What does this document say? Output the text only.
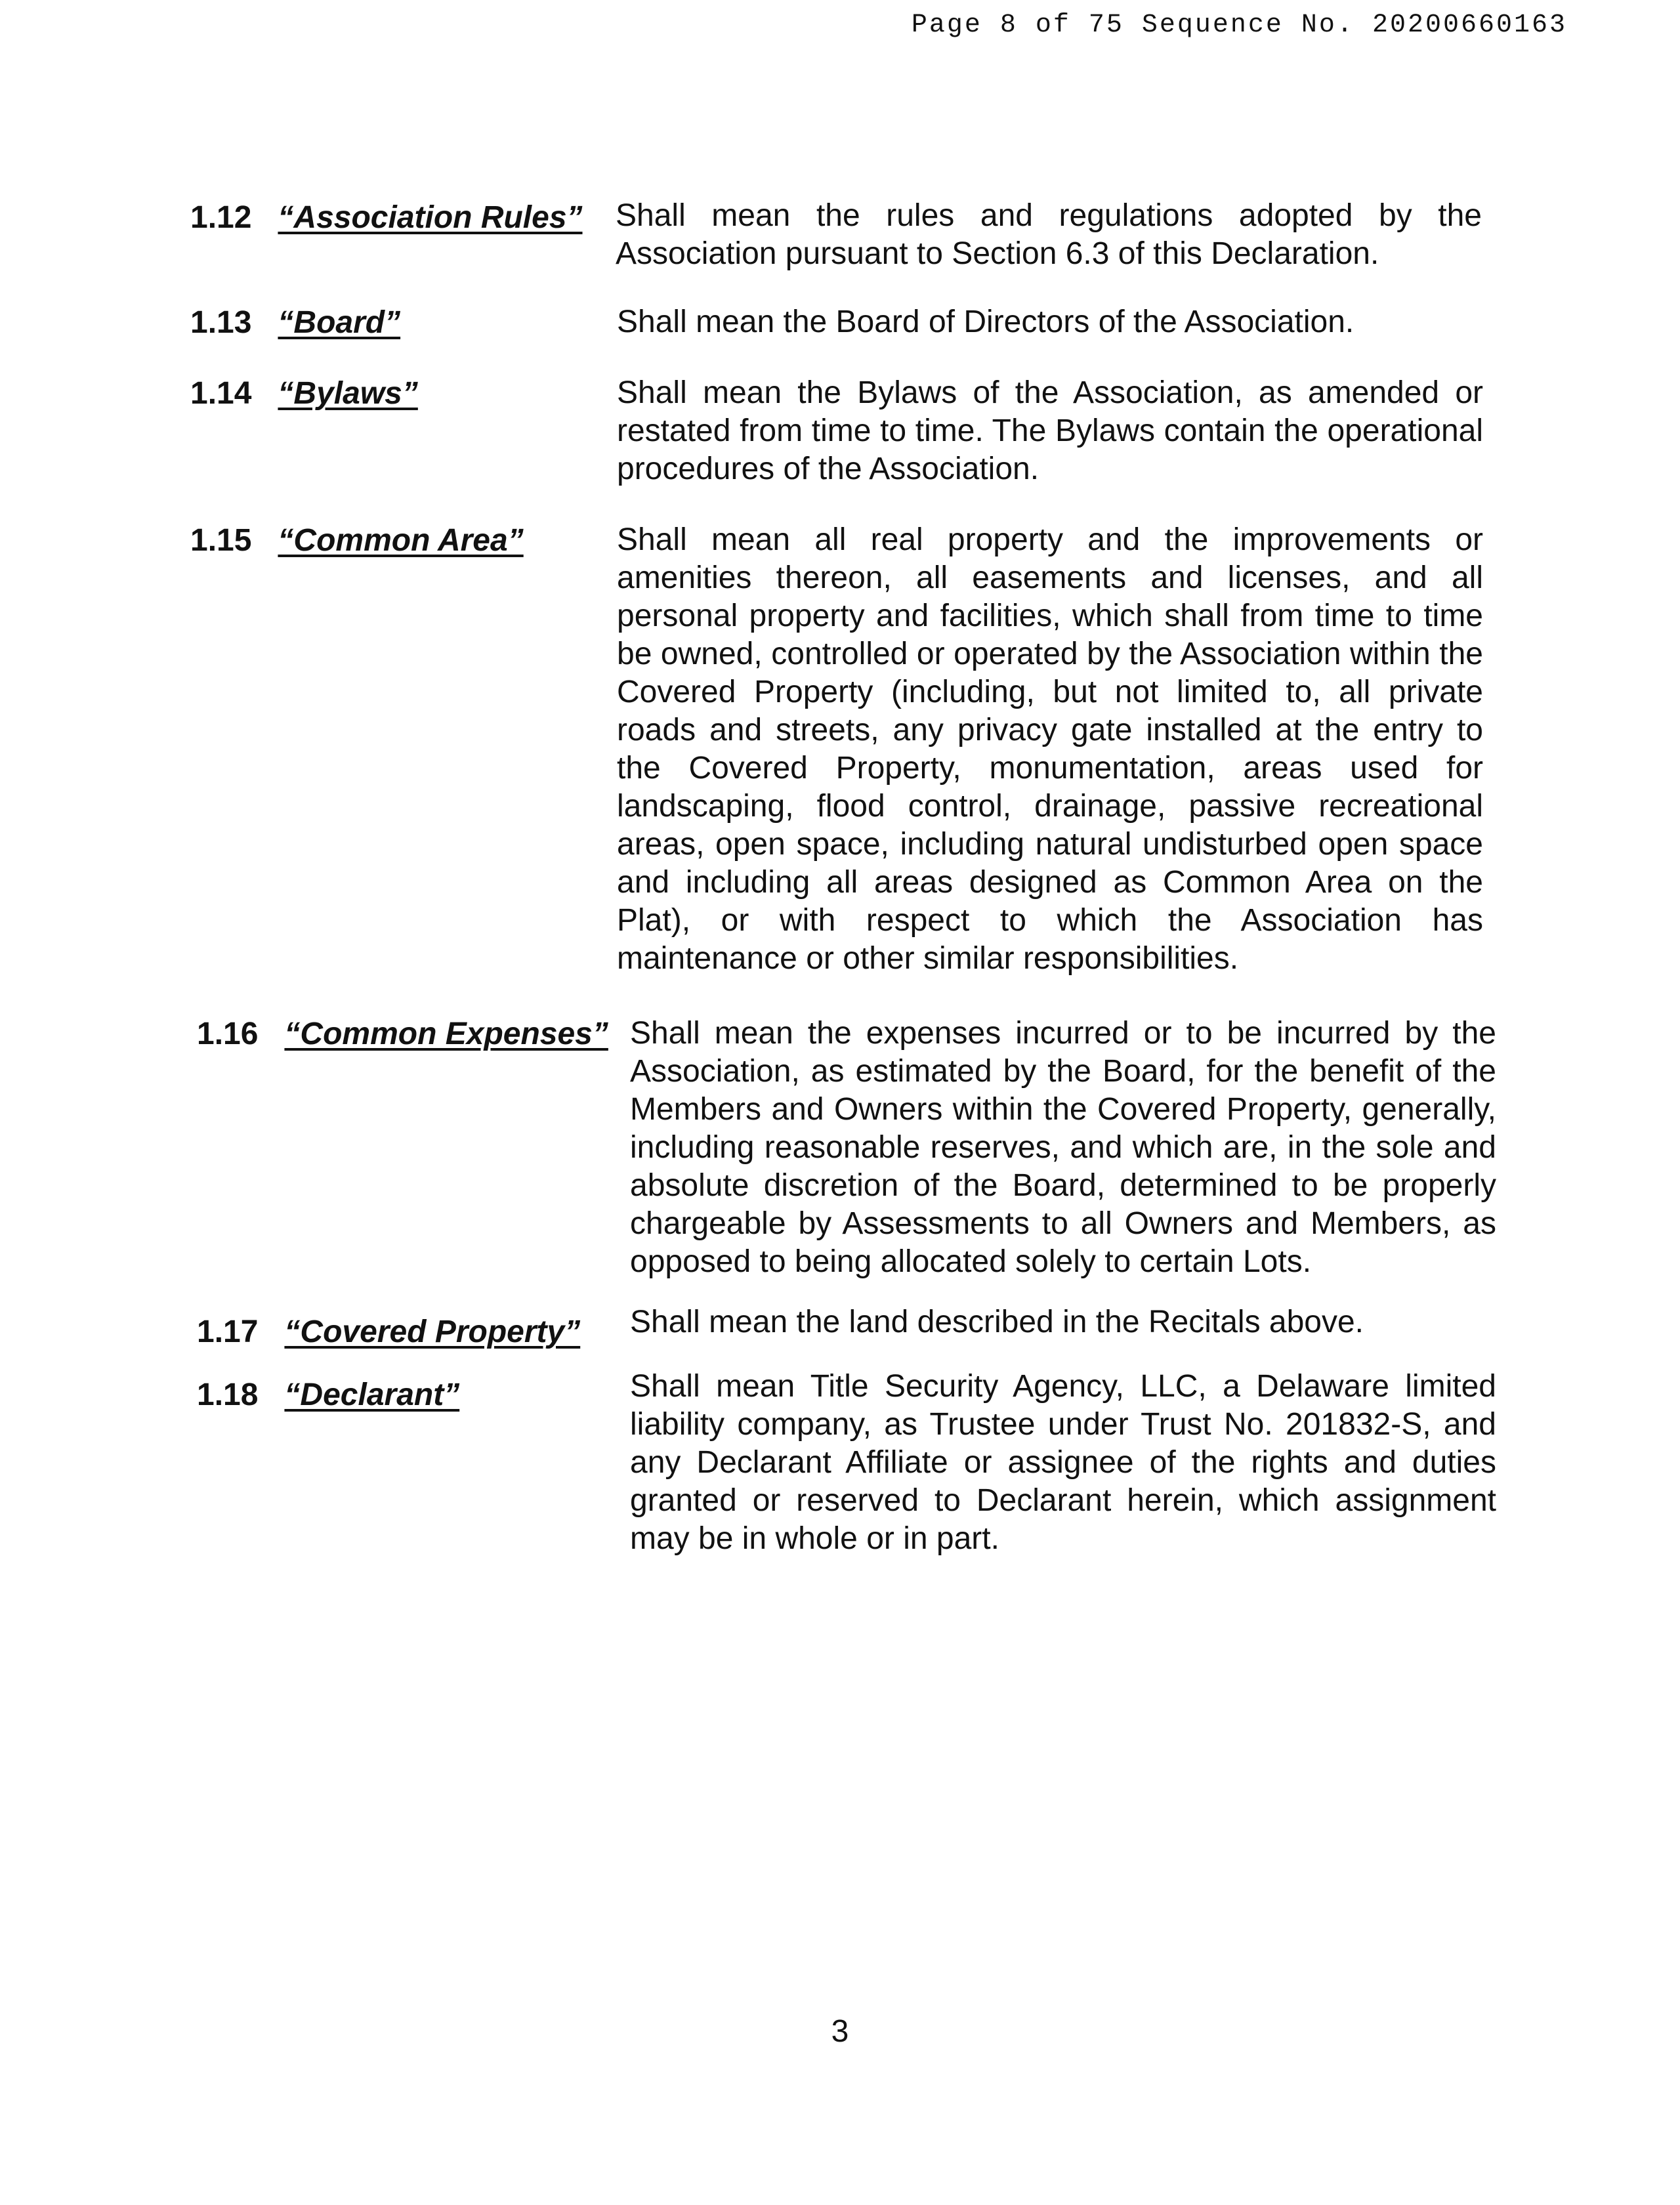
Page 8 of 75 Sequence No. 20200660163
1.12 “Association Rules”	Shall mean the rules and regulations adopted by the Association pursuant to Section 6.3 of this Declaration.
1.13 “Board”	Shall mean the Board of Directors of the Association.
1.14 “Bylaws”	Shall mean the Bylaws of the Association, as amended or restated from time to time. The Bylaws contain the operational procedures of the Association.
1.15 “Common Area”	Shall mean all real property and the improvements or amenities thereon, all easements and licenses, and all personal property and facilities, which shall from time to time be owned, controlled or operated by the Association within the Covered Property (including, but not limited to, all private roads and streets, any privacy gate installed at the entry to the Covered Property, monumentation, areas used for landscaping, flood control, drainage, passive recreational areas, open space, including natural undisturbed open space and including all areas designed as Common Area on the Plat), or with respect to which the Association has maintenance or other similar responsibilities.
1.16 “Common Expenses” Shall mean the expenses incurred or to be incurred by the Association, as estimated by the Board, for the benefit of the Members and Owners within the Covered Property, generally, including reasonable reserves, and which are, in the sole and absolute discretion of the Board, determined to be properly chargeable by Assessments to all Owners and Members, as opposed to being allocated solely to certain Lots.
1.17 “Covered Property”	Shall mean the land described in the Recitals above.
1.18 “Declarant”	Shall mean Title Security Agency, LLC, a Delaware limited liability company, as Trustee under Trust No. 201832-S, and any Declarant Affiliate or assignee of the rights and duties granted or reserved to Declarant herein, which assignment may be in whole or in part.
3
